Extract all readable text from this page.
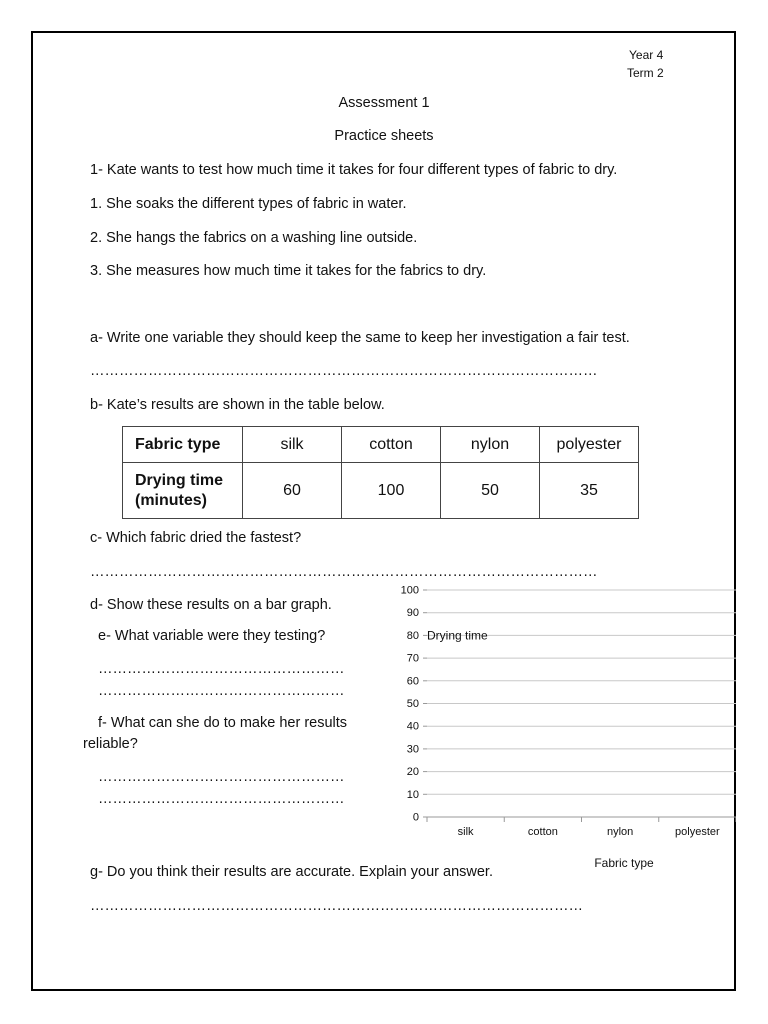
Year 4
Term 2
Assessment 1
Practice sheets
1- Kate wants to test how much time it takes for four different types of fabric to dry.
1. She soaks the different types of fabric in water.
2. She hangs the fabrics on a washing line outside.
3. She measures how much time it takes for the fabrics to dry.
a- Write one variable they should keep the same to keep her investigation a fair test.
……………………………………………………………………………………………
b- Kate’s results are shown in the table below.
Fabric type	silk	cotton	nylon	polyester

Drying time
(minutes)	60	100	50	35
c- Which fabric dried the fastest?
……………………………………………………………………………………………
d- Show these results on a bar graph.
e- What variable were they testing?
……………………………………………
……………………………………………
f- What can she do to make her results
reliable?
……………………………………………
……………………………………………
g- Do you think their results are accurate. Explain your answer.
…………………………………………………………………………………………
0
10
20
30
40
50
60
70
80
90
100
silk	cotton	nylon	polyester
Fabric type
Drying time
